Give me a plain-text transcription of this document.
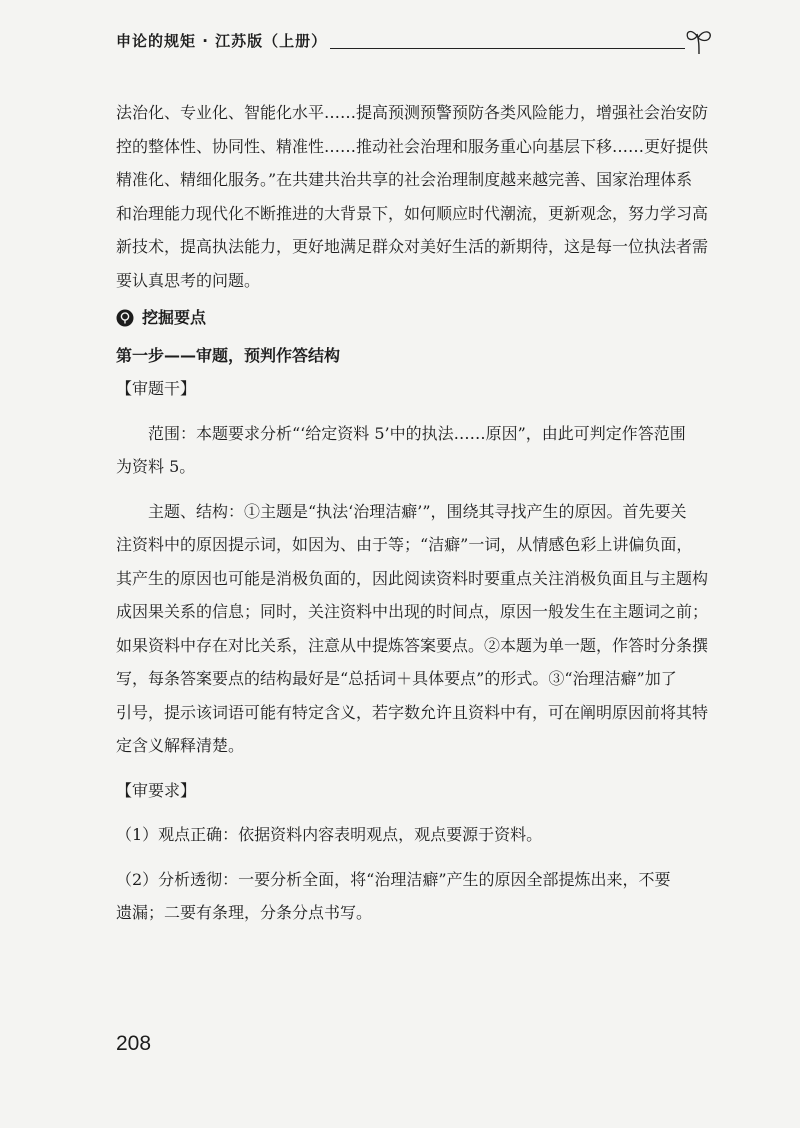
申论的规矩 · 江苏版（上册）

法治化、专业化、智能化水平……提高预测预警预防各类风险能力，增强社会治安防
控的整体性、协同性、精准性……推动社会治理和服务重心向基层下移……更好提供
精准化、精细化服务。”在共建共治共享的社会治理制度越来越完善、国家治理体系
和治理能力现代化不断推进的大背景下，如何顺应时代潮流，更新观念，努力学习高
新技术，提高执法能力，更好地满足群众对美好生活的新期待，这是每一位执法者需
要认真思考的问题。

挖掘要点
第一步——审题，预判作答结构

【审题干】

范围：本题要求分析“‘给定资料 5’中的执法……原因”，由此可判定作答范围
为资料 5。

主题、结构：①主题是“执法‘治理洁癖’”，围绕其寻找产生的原因。首先要关
注资料中的原因提示词，如因为、由于等；“洁癖”一词，从情感色彩上讲偏负面，
其产生的原因也可能是消极负面的，因此阅读资料时要重点关注消极负面且与主题构
成因果关系的信息；同时，关注资料中出现的时间点，原因一般发生在主题词之前；
如果资料中存在对比关系，注意从中提炼答案要点。②本题为单一题，作答时分条撰
写，每条答案要点的结构最好是“总括词＋具体要点”的形式。③“治理洁癖”加了
引号，提示该词语可能有特定含义，若字数允许且资料中有，可在阐明原因前将其特
定含义解释清楚。

【审要求】

（1）观点正确：依据资料内容表明观点，观点要源于资料。

（2）分析透彻：一要分析全面，将“治理洁癖”产生的原因全部提炼出来，不要
遗漏；二要有条理，分条分点书写。

208
